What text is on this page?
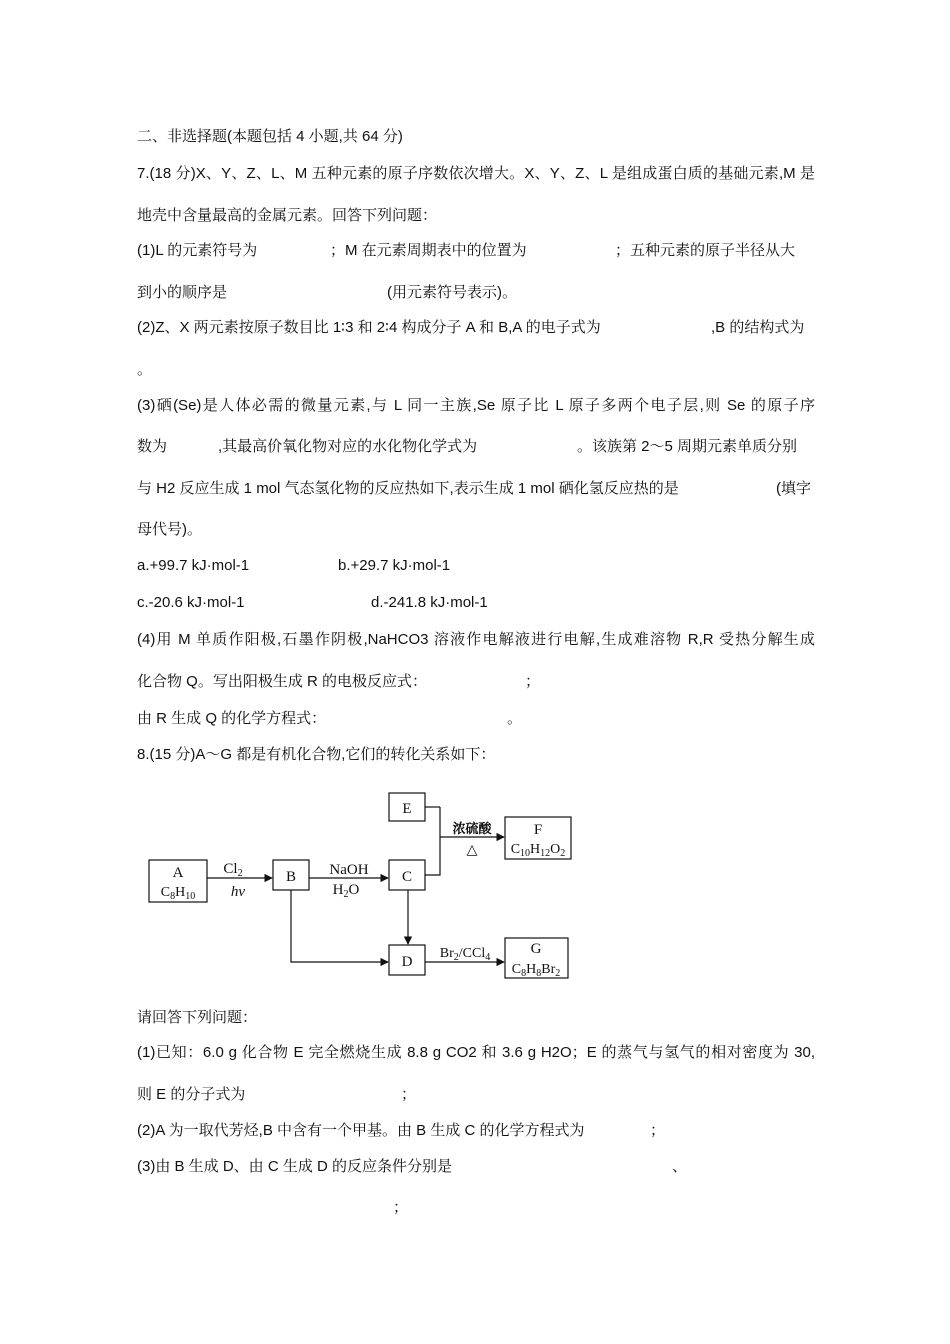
二、非选择题(本题包括 4 小题,共 64 分)
7.(18 分)X、Y、Z、L、M 五种元素的原子序数依次增大。X、Y、Z、L 是组成蛋白质的基础元素,M 是
地壳中含量最高的金属元素。回答下列问题：
(1)L 的元素符号为	；M 在元素周期表中的位置为	；五种元素的原子半径从大
到小的顺序是	(用元素符号表示)。
(2)Z、X 两元素按原子数目比 1∶3 和 2∶4 构成分子 A 和 B,A 的电子式为	,B 的结构式为
。
(3)硒(Se)是人体必需的微量元素,与 L 同一主族,Se 原子比 L 原子多两个电子层,则 Se 的原子序
数为	,其最高价氧化物对应的水化物化学式为	。该族第 2～5 周期元素单质分别
与 H2 反应生成 1 mol 气态氢化物的反应热如下,表示生成 1 mol 硒化氢反应热的是	(填字
母代号)。
a.+99.7 kJ·mol-1	b.+29.7 kJ·mol-1
c.-20.6 kJ·mol-1	d.-241.8 kJ·mol-1
(4)用 M 单质作阳极,石墨作阴极,NaHCO3 溶液作电解液进行电解,生成难溶物 R,R 受热分解生成
化合物 Q。写出阳极生成 R 的电极反应式：	；
由 R 生成 Q 的化学方程式：	。
8.(15 分)A～G 都是有机化合物,它们的转化关系如下：
A
$C_8H_{10}$
B	C
D
E
F
$C_{10}H_{12}O_2$
G
$C_8H_8Br_2$
$Cl_2$
hv
NaOH
$H_2O$
浓硫酸
△
$Br_2/CCl_4$
请回答下列问题：
(1)已知：6.0 g 化合物 E 完全燃烧生成 8.8 g CO2 和 3.6 g H2O；E 的蒸气与氢气的相对密度为 30,
则 E 的分子式为	；
(2)A 为一取代芳烃,B 中含有一个甲基。由 B 生成 C 的化学方程式为	；
(3)由 B 生成 D、由 C 生成 D 的反应条件分别是	、
；
